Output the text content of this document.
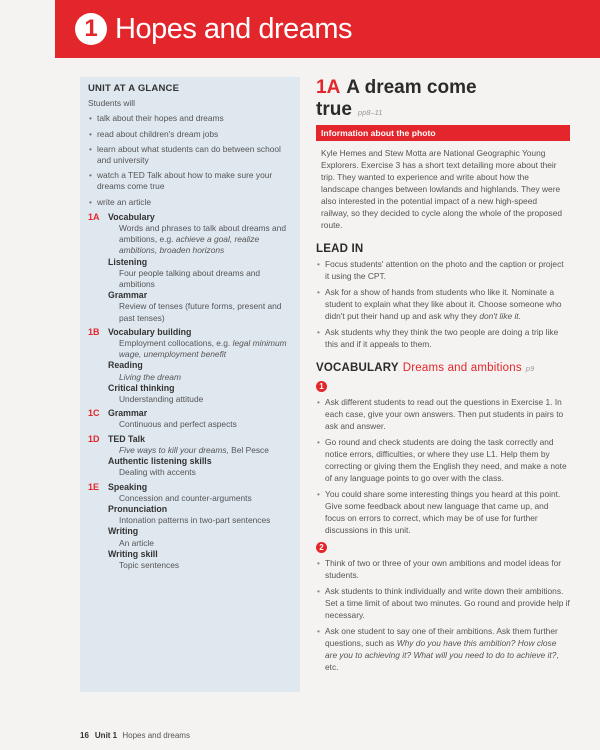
1 Hopes and dreams

UNIT AT A GLANCE

Students will

• talk about their hopes and dreams

• read about children's dream jobs

• learn about what students can do between school and university

• watch a TED Talk about how to make sure your dreams come true

• write an article

1A Vocabulary
Words and phrases to talk about dreams and ambitions, e.g. achieve a goal, realize ambitions, broaden horizons
Listening
Four people talking about dreams and ambitions
Grammar
Review of tenses (future forms, present and past tenses)
1B Vocabulary building
Employment collocations, e.g. legal minimum wage, unemployment benefit
Reading
Living the dream
Critical thinking
Understanding attitude
1C Grammar
Continuous and perfect aspects
1D TED Talk
Five ways to kill your dreams, Bel Pesce
Authentic listening skills
Dealing with accents
1E Speaking
Concession and counter-arguments
Pronunciation
Intonation patterns in two-part sentences
Writing
An article
Writing skill
Topic sentences

1A A dream come
true pp8–11

Information about the photo

Kyle Hemes and Stew Motta are National Geographic Young Explorers. Exercise 3 has a short text detailing more about their trip. They wanted to experience and write about how the landscape changes between lowlands and highlands. They were also interested in the potential impact of a new high-speed railway, so they decided to cycle along the whole of the proposed route.

LEAD IN

• Focus students' attention on the photo and the caption or project it using the CPT.

• Ask for a show of hands from students who like it. Nominate a student to explain what they like about it. Choose someone who didn't put their hand up and ask why they don't like it.

• Ask students why they think the two people are doing a trip like this and if it appeals to them.

VOCABULARY Dreams and ambitions p9
1

• Ask different students to read out the questions in Exercise 1. In each case, give your own answers. Then put students in pairs to ask and answer.

• Go round and check students are doing the task correctly and notice errors, difficulties, or where they use L1. Help them by correcting or giving them the English they need, and make a note of any language points to go over with the class.

• You could share some interesting things you heard at this point. Give some feedback about new language that came up, and focus on errors to correct, which may be of use for further discussions in this unit.

2

• Think of two or three of your own ambitions and model ideas for students.

• Ask students to think individually and write down their ambitions. Set a time limit of about two minutes. Go round and provide help if necessary.

• Ask one student to say one of their ambitions. Ask them further questions, such as Why do you have this ambition? How close are you to achieving it? What will you need to do to achieve it?, etc.

16 Unit 1 Hopes and dreams
